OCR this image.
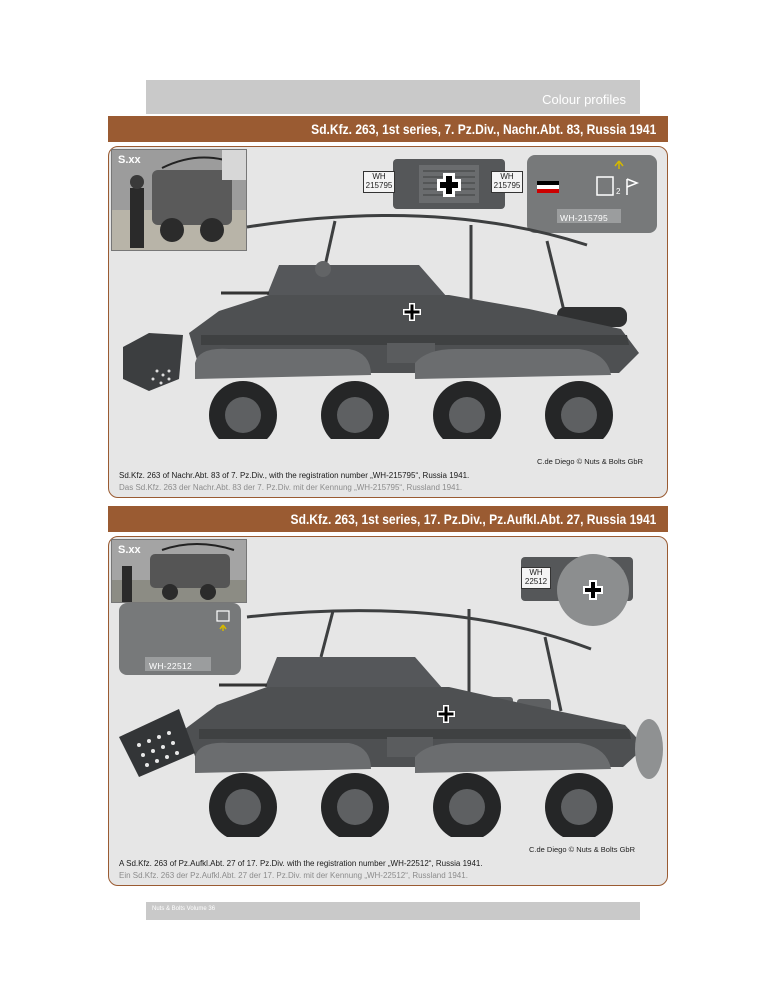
Colour profiles
Sd.Kfz. 263, 1st series, 7. Pz.Div., Nachr.Abt. 83, Russia 1941
S.xx
WH
215795
WH
215795
2
WH-215795
C.de Diego © Nuts & Bolts GbR
Sd.Kfz. 263 of Nachr.Abt. 83 of 7. Pz.Div., with the registration number „WH-215795“, Russia 1941.
Das Sd.Kfz. 263 der Nachr.Abt. 83 der 7. Pz.Div. mit der Kennung „WH-215795“, Russland 1941.
Sd.Kfz. 263, 1st series, 17. Pz.Div., Pz.Aufkl.Abt. 27, Russia 1941
S.xx
WH-22512
WH
22512
C.de Diego © Nuts & Bolts GbR
A Sd.Kfz. 263 of Pz.Aufkl.Abt. 27 of 17. Pz.Div. with the registration number „WH-22512“, Russia 1941.
Ein Sd.Kfz. 263 der Pz.Aufkl.Abt. 27 der 17. Pz.Div. mit der Kennung „WH-22512“, Russland 1941.
Nuts & Bolts Volume 36
